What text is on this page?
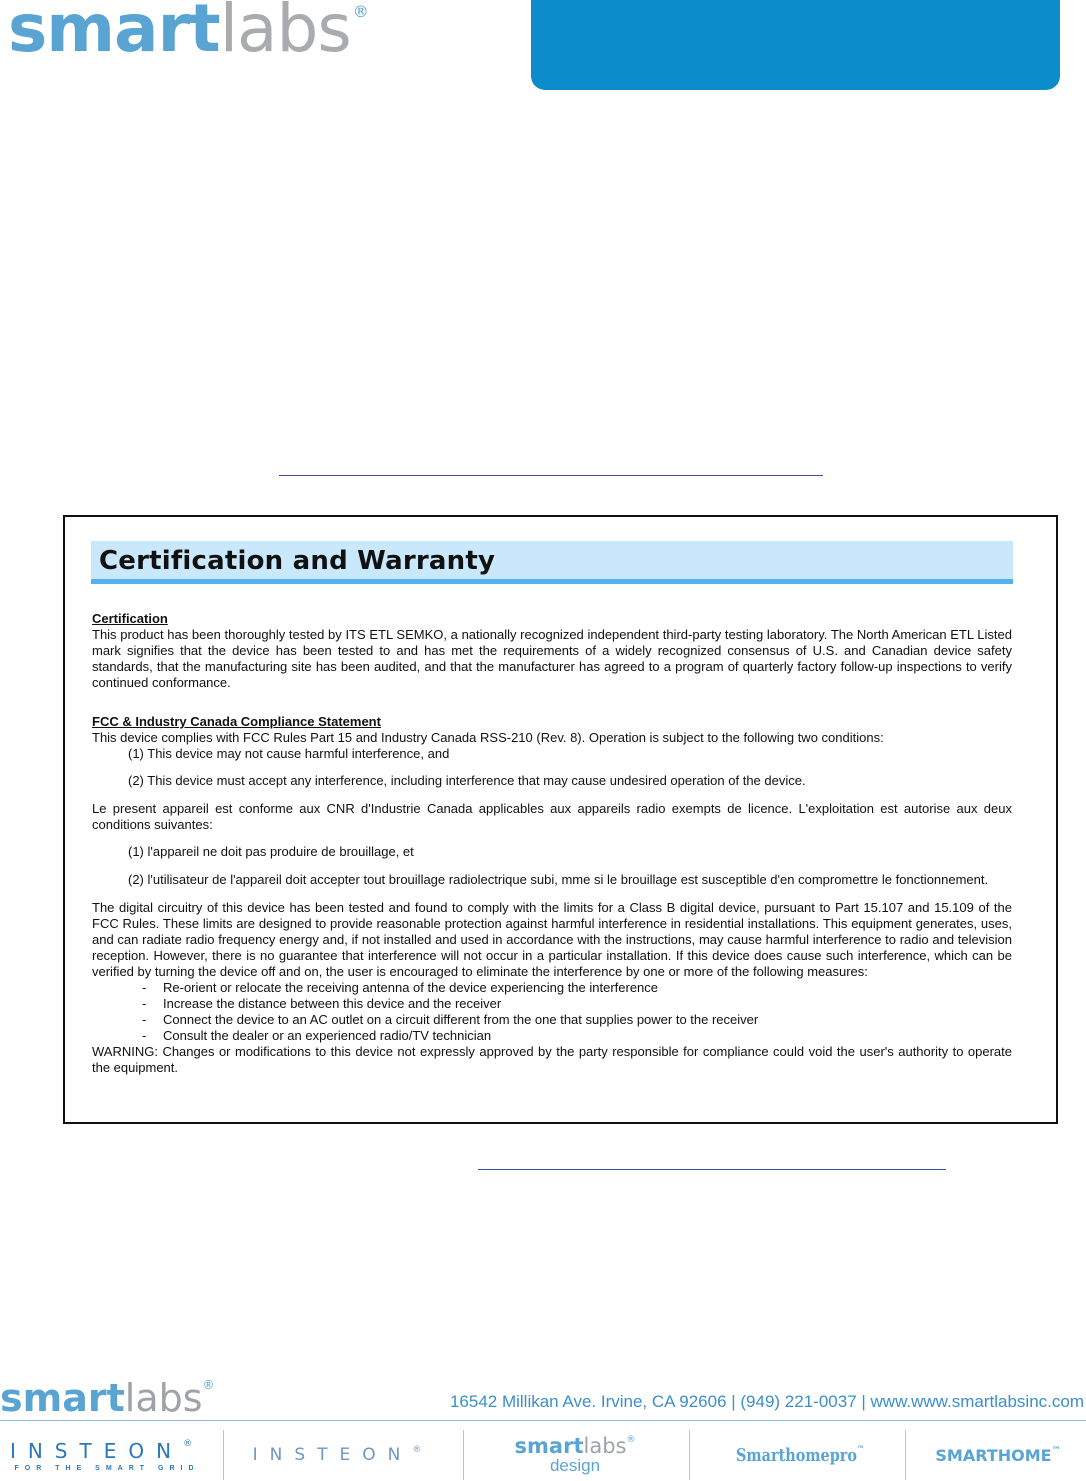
smartlabs ®
Certification and Warranty
Certification
This product has been thoroughly tested by ITS ETL SEMKO, a nationally recognized independent third-party testing laboratory. The North American ETL Listed mark signifies that the device has been tested to and has met the requirements of a widely recognized consensus of U.S. and Canadian device safety standards, that the manufacturing site has been audited, and that the manufacturer has agreed to a program of quarterly factory follow-up inspections to verify continued conformance.
FCC & Industry Canada Compliance Statement
This device complies with FCC Rules Part 15 and Industry Canada RSS-210 (Rev. 8). Operation is subject to the following two conditions:
(1) This device may not cause harmful interference, and
(2) This device must accept any interference, including interference that may cause undesired operation of the device.
Le present appareil est conforme aux CNR d'Industrie Canada applicables aux appareils radio exempts de licence. L'exploitation est autorise aux deux conditions suivantes:
(1) l'appareil ne doit pas produire de brouillage, et
(2) l'utilisateur de l'appareil doit accepter tout brouillage radiolectrique subi, mme si le brouillage est susceptible d'en compromettre le fonctionnement.
The digital circuitry of this device has been tested and found to comply with the limits for a Class B digital device, pursuant to Part 15.107 and 15.109 of the FCC Rules. These limits are designed to provide reasonable protection against harmful interference in residential installations. This equipment generates, uses, and can radiate radio frequency energy and, if not installed and used in accordance with the instructions, may cause harmful interference to radio and television reception. However, there is no guarantee that interference will not occur in a particular installation. If this device does cause such interference, which can be verified by turning the device off and on, the user is encouraged to eliminate the interference by one or more of the following measures:
- Re-orient or relocate the receiving antenna of the device experiencing the interference
- Increase the distance between this device and the receiver
- Connect the device to an AC outlet on a circuit different from the one that supplies power to the receiver
- Consult the dealer or an experienced radio/TV technician
WARNING: Changes or modifications to this device not expressly approved by the party responsible for compliance could void the user's authority to operate the equipment.
smartlabs®
16542 Millikan Ave. Irvine, CA 92606 | (949) 221-0037 | www.www.smartlabsinc.com
INSTEON®
FOR THE SMART GRID
INSTEON®	smartlabs®
design	Smarthomepro™	SMARTHOME™
